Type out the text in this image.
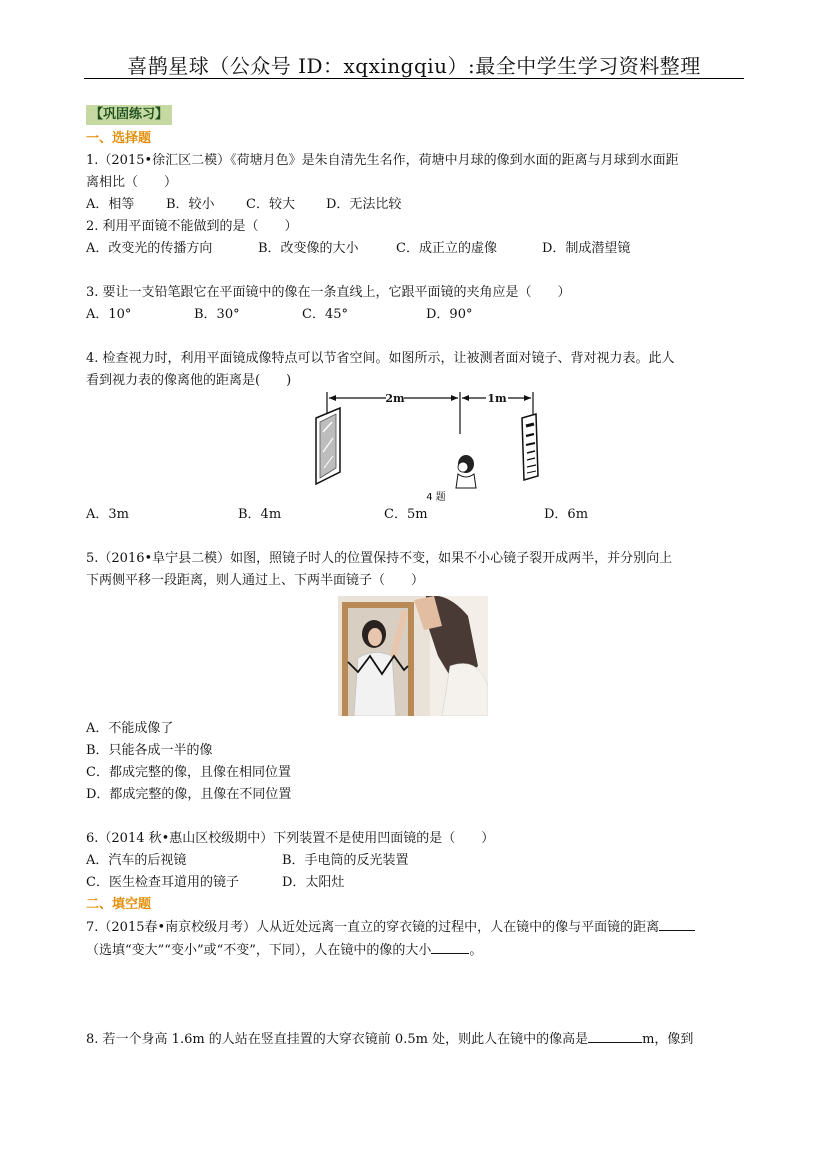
喜鹊星球（公众号 ID：xqxingqiu）:最全中学生学习资料整理
【巩固练习】

一、选择题

1.（2015•徐汇区二模）《荷塘月色》是朱自清先生名作，荷塘中月球的像到水面的距离与月球到水面距

离相比（　　）

A．相等	B．较小	C．较大	D．无法比较

2. 利用平面镜不能做到的是（　　）

A．改变光的传播方向	B．改变像的大小	C．成正立的虚像	D．制成潜望镜

3. 要让一支铅笔跟它在平面镜中的像在一条直线上，它跟平面镜的夹角应是（　　）

A．10°	B．30°	C．45°	D．90°

4. 检查视力时，利用平面镜成像特点可以节省空间。如图所示，让被测者面对镜子、背对视力表。此人

看到视力表的像离他的距离是(　　)

2m	1m
4 题
A．3m	B．4m	C．5m	D．6m

5.（2016•阜宁县二模）如图，照镜子时人的位置保持不变，如果不小心镜子裂开成两半，并分别向上

下两侧平移一段距离，则人通过上、下两半面镜子（　　）

A．不能成像了

B．只能各成一半的像

C．都成完整的像，且像在相同位置

D．都成完整的像，且像在不同位置

6.（2014 秋•惠山区校级期中）下列装置不是使用凹面镜的是（　　）

A．汽车的后视镜	B．手电筒的反光装置
C．医生检查耳道用的镜子	D．太阳灶

二、填空题

7.（2015春•南京校级月考）人从近处远离一直立的穿衣镜的过程中，人在镜中的像与平面镜的距离

（选填“变大”“变小”或“不变”，下同），人在镜中的像的大小	。

8. 若一个身高 1.6m 的人站在竖直挂置的大穿衣镜前 0.5m 处，则此人在镜中的像高是	m，像到
